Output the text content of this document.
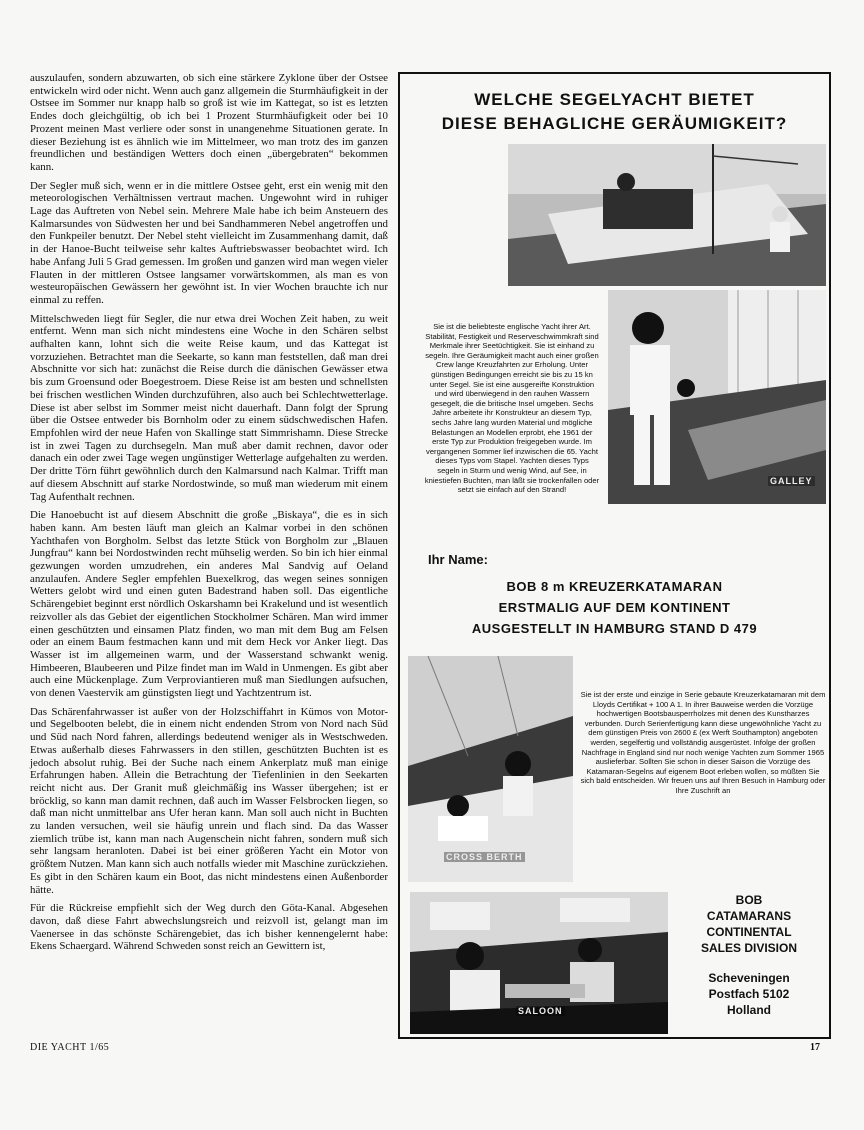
auszulaufen, sondern abzuwarten, ob sich eine stärkere Zyklone über der Ostsee entwickeln wird oder nicht. Wenn auch ganz allgemein die Sturmhäufigkeit in der Ostsee im Sommer nur knapp halb so groß ist wie im Kattegat, so ist es letzten Endes doch gleichgültig, ob ich bei 1 Prozent Sturmhäufigkeit oder bei 10 Prozent meinen Mast verliere oder sonst in unangenehme Situationen gerate. In dieser Beziehung ist es ähnlich wie im Mittelmeer, wo man trotz des im ganzen freundlichen und beständigen Wetters doch einen „übergebraten“ bekommen kann.

Der Segler muß sich, wenn er in die mittlere Ostsee geht, erst ein wenig mit den meteorologischen Verhältnissen vertraut machen. Ungewohnt wird in ruhiger Lage das Auftreten von Nebel sein. Mehrere Male habe ich beim Ansteuern des Kalmarsundes von Südwesten her und bei Sandhammeren Nebel angetroffen und den Funkpeiler benutzt. Der Nebel steht vielleicht im Zusammenhang damit, daß in der Hanoe-Bucht teilweise sehr kaltes Auftriebswasser beobachtet wird. Ich habe Anfang Juli 5 Grad gemessen. Im großen und ganzen wird man wegen vieler Flauten in der mittleren Ostsee langsamer vorwärtskommen, als man es von westeuropäischen Gewässern her gewöhnt ist. In vier Wochen brauchte ich nur einmal zu reffen.

Mittelschweden liegt für Segler, die nur etwa drei Wochen Zeit haben, zu weit entfernt. Wenn man sich nicht mindestens eine Woche in den Schären selbst aufhalten kann, lohnt sich die weite Reise kaum, und das Kattegat ist vorzuziehen. Betrachtet man die Seekarte, so kann man feststellen, daß man drei Abschnitte vor sich hat: zunächst die Reise durch die dänischen Gewässer etwa bis zum Groensund oder Boegestroem. Diese Reise ist am besten und schnellsten bei frischen westlichen Winden durchzuführen, also auch bei Schlechtwetterlage. Diese ist aber selbst im Sommer meist nicht dauerhaft. Dann folgt der Sprung über die Ostsee entweder bis Bornholm oder zu einem südschwedischen Hafen. Empfohlen wird der neue Hafen von Skallinge statt Simmrishamn. Diese Strecke ist in zwei Tagen zu durchsegeln. Man muß aber damit rechnen, davor oder danach ein oder zwei Tage wegen ungünstiger Wetterlage aufgehalten zu werden. Der dritte Törn führt gewöhnlich durch den Kalmarsund nach Kalmar. Trifft man auf diesem Abschnitt auf starke Nordostwinde, so muß man wiederum mit einem Tag Aufenthalt rechnen.

Die Hanoebucht ist auf diesem Abschnitt die große „Biskaya“, die es in sich haben kann. Am besten läuft man gleich an Kalmar vorbei in den schönen Yachthafen von Borgholm. Selbst das letzte Stück von Borgholm zur „Blauen Jungfrau“ kann bei Nordostwinden recht mühselig werden. So bin ich hier einmal gezwungen worden umzudrehen, ein anderes Mal Sandvig auf Oeland anzulaufen. Andere Segler empfehlen Buexelkrog, das wegen seines sonnigen Wetters gelobt wird und einen guten Badestrand haben soll. Das eigentliche Schärengebiet beginnt erst nördlich Oskarshamn bei Krakelund und ist wesentlich reizvoller als das Gebiet der eigentlichen Stockholmer Schären. Man wird immer einen geschützten und einsamen Platz finden, wo man mit dem Bug am Felsen oder an einem Baum festmachen kann und mit dem Heck vor Anker liegt. Das Wasser ist im allgemeinen warm, und der Wasserstand schwankt wenig. Himbeeren, Blaubeeren und Pilze findet man im Wald in Unmengen. Es gibt aber auch eine Mückenplage. Zum Verproviantieren muß man Siedlungen aufsuchen, von denen Vaestervik am günstigsten liegt und Yachtzentrum ist.

Das Schärenfahrwasser ist außer von der Holzschiffahrt in Kümos von Motor- und Segelbooten belebt, die in einem nicht endenden Strom von Nord nach Süd und Süd nach Nord fahren, allerdings bedeutend weniger als in Westschweden. Etwas außerhalb dieses Fahrwassers in den stillen, geschützten Buchten ist es jedoch absolut ruhig. Bei der Suche nach einem Ankerplatz muß man einige Erfahrungen haben. Allein die Betrachtung der Tiefenlinien in den Seekarten reicht nicht aus. Der Granit muß gleichmäßig ins Wasser übergehen; ist er bröcklig, so kann man damit rechnen, daß auch im Wasser Felsbrocken liegen, so daß man nicht unmittelbar ans Ufer heran kann. Man soll auch nicht in Buchten zu landen versuchen, weil sie häufig unrein und flach sind. Da das Wasser ziemlich trübe ist, kann man nach Augenschein nicht fahren, sondern muß sich sehr langsam heranloten. Dabei ist bei einer größeren Yacht ein Motor von größtem Nutzen. Man kann sich auch notfalls wieder mit Maschine zurückziehen. Es gibt in den Schären kaum ein Boot, das nicht mindestens einen Außenborder hätte.

Für die Rückreise empfiehlt sich der Weg durch den Göta-Kanal. Abgesehen davon, daß diese Fahrt abwechslungsreich und reizvoll ist, gelangt man im Vaenersee in das schönste Schärengebiet, das ich bisher kennengelernt habe: Ekens Schaergard. Während Schweden sonst reich an Gewittern ist,

WELCHE SEGELYACHT BIETET
DIESE BEHAGLICHE GERÄUMIGKEIT?
GALLEY
Sie ist die beliebteste englische Yacht ihrer Art. Stabilität, Festigkeit und Reserveschwimmkraft sind Merkmale ihrer Seetüchtigkeit. Sie ist einhand zu segeln. Ihre Geräumigkeit macht auch einer großen Crew lange Kreuzfahrten zur Erholung. Unter günstigen Bedingungen erreicht sie bis zu 15 kn unter Segel. Sie ist eine ausgereifte Konstruktion und wird überwiegend in den rauhen Wassern gesegelt, die die britische Insel umgeben. Sechs Jahre arbeitete ihr Konstrukteur an diesem Typ, sechs Jahre lang wurden Material und mögliche Belastungen an Modellen erprobt, ehe 1961 der erste Typ zur Produktion freigegeben wurde. Im vergangenen Sommer lief inzwischen die 65. Yacht dieses Typs vom Stapel. Yachten dieses Typs segeln in Sturm und wenig Wind, auf See, in kniestiefen Buchten, man läßt sie trockenfallen oder setzt sie einfach auf den Strand!
Ihr Name:
BOB 8 m KREUZERKATAMARAN
ERSTMALIG AUF DEM KONTINENT
AUSGESTELLT IN HAMBURG STAND D 479
CROSS BERTH
Sie ist der erste und einzige in Serie gebaute Kreuzerkatamaran mit dem Lloyds Certifikat + 100 A 1. In ihrer Bauweise werden die Vorzüge hochwertigen Bootsbausperrholzes mit denen des Kunstharzes verbunden. Durch Serienfertigung kann diese ungewöhnliche Yacht zu dem günstigen Preis von 2600 £ (ex Werft Southampton) angeboten werden, segelfertig und vollständig ausgerüstet. Infolge der großen Nachfrage in England sind nur noch wenige Yachten zum Sommer 1965 auslieferbar. Sollten Sie schon in dieser Saison die Vorzüge des Katamaran-Segelns auf eigenem Boot erleben wollen, so müßten Sie sich bald entscheiden. Wir freuen uns auf Ihren Besuch in Hamburg oder Ihre Zuschrift an
SALOON
BOB
CATAMARANS
CONTINENTAL
SALES DIVISION
Scheveningen
Postfach 5102
Holland
DIE YACHT 1/65	17
